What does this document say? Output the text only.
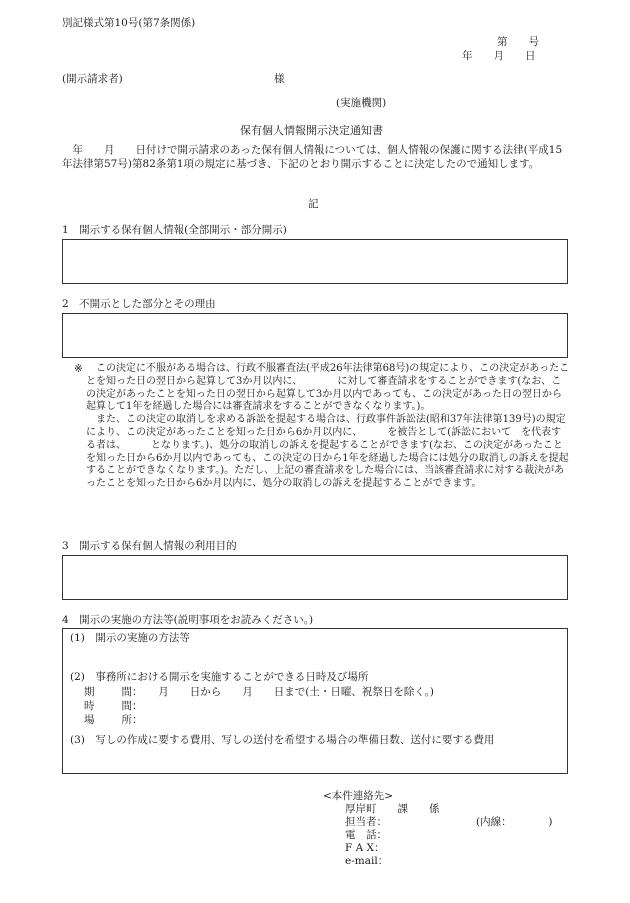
別記様式第10号(第7条関係)
第　　号
年　　月　　日
(開示請求者)	様
(実施機関)
保有個人情報開示決定通知書
　年　　月　　日付けで開示請求のあった保有個人情報については、個人情報の保護に関する法律(平成15年法律第57号)第82条第1項の規定に基づき、下記のとおり開示することに決定したので通知します。
記
1　開示する保有個人情報(全部開示・部分開示)
2　不開示とした部分とその理由
※	この決定に不服がある場合は、行政不服審査法(平成26年法律第68号)の規定により、この決定があったことを知った日の翌日から起算して3か月以内に、　　　　に対して審査請求をすることができます(なお、この決定があったことを知った日の翌日から起算して3か月以内であっても、この決定があった日の翌日から起算して1年を経過した場合には審査請求をすることができなくなります。)。
また、この決定の取消しを求める訴訟を提起する場合は、行政事件訴訟法(昭和37年法律第139号)の規定により、この決定があったことを知った日から6か月以内に、　　　を被告として(訴訟において　を代表する者は、　　　となります。)、処分の取消しの訴えを提起することができます(なお、この決定があったことを知った日から6か月以内であっても、この決定の日から1年を経過した場合には処分の取消しの訴えを提起することができなくなります。)。ただし、上記の審査請求をした場合には、当該審査請求に対する裁決があったことを知った日から6か月以内に、処分の取消しの訴えを提起することができます。
3　開示する保有個人情報の利用目的
4　開示の実施の方法等(説明事項をお読みください。)
(1)　開示の実施の方法等
(2)　事務所における開示を実施することができる日時及び場所
期　間：　　月　　日から　　月　　日まで(土・日曜、祝祭日を除く。)
時　間：
場　所：
(3)　写しの作成に要する費用、写しの送付を希望する場合の準備日数、送付に要する費用
<本件連絡先>
厚岸町　　課　　係
担当者：	(内線：　　　　)
電　話：
F A X：
e-mail：
